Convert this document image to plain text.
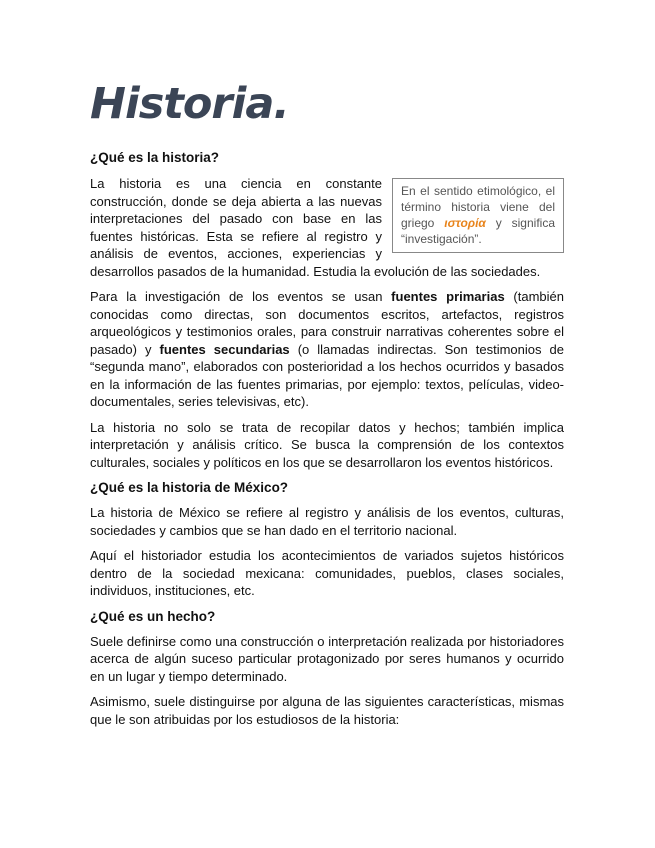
Historia.
¿Qué es la historia?
En el sentido etimológico, el término historia viene del griego ιστορία y significa “investigación”.

La historia es una ciencia en constante construcción, donde se deja abierta a las nuevas interpretaciones del pasado con base en las fuentes históricas. Esta se refiere al registro y análisis de eventos, acciones, experiencias y desarrollos pasados de la humanidad. Estudia la evolución de las sociedades.

Para la investigación de los eventos se usan fuentes primarias (también conocidas como directas, son documentos escritos, artefactos, registros arqueológicos y testimonios orales, para construir narrativas coherentes sobre el pasado) y fuentes secundarias (o llamadas indirectas. Son testimonios de “segunda mano”, elaborados con posterioridad a los hechos ocurridos y basados en la información de las fuentes primarias, por ejemplo: textos, películas, video-documentales, series televisivas, etc).

La historia no solo se trata de recopilar datos y hechos; también implica interpretación y análisis crítico. Se busca la comprensión de los contextos culturales, sociales y políticos en los que se desarrollaron los eventos históricos.

¿Qué es la historia de México?

La historia de México se refiere al registro y análisis de los eventos, culturas, sociedades y cambios que se han dado en el territorio nacional.

Aquí el historiador estudia los acontecimientos de variados sujetos históricos dentro de la sociedad mexicana: comunidades, pueblos, clases sociales, individuos, instituciones, etc.

¿Qué es un hecho?

Suele definirse como una construcción o interpretación realizada por historiadores acerca de algún suceso particular protagonizado por seres humanos y ocurrido en un lugar y tiempo determinado.

Asimismo, suele distinguirse por alguna de las siguientes características, mismas que le son atribuidas por los estudiosos de la historia:
